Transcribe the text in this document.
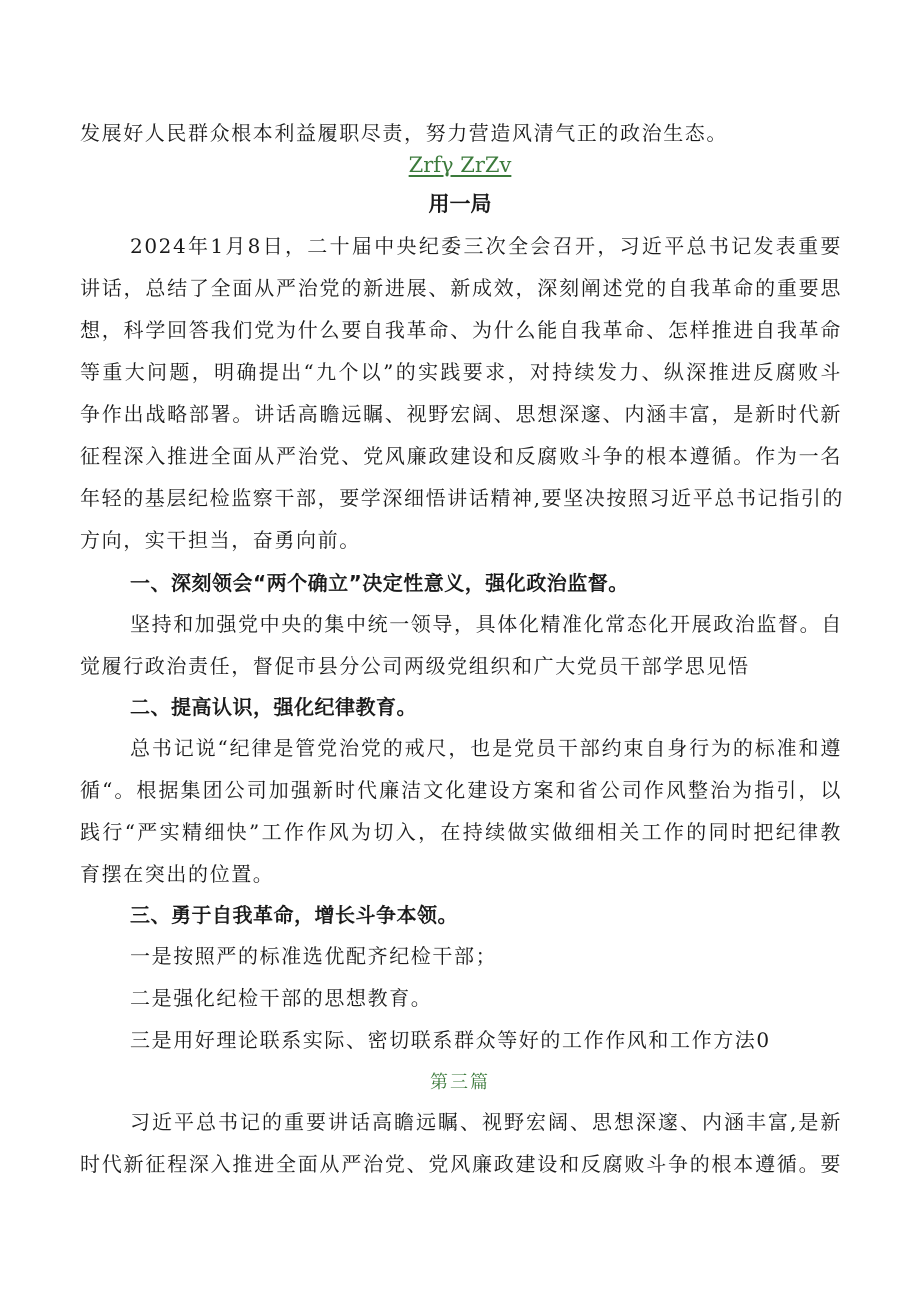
发展好人民群众根本利益履职尽责，努力营造风清气正的政治生态。
Zrfγ ZrZv
用一局
2024年1月8日，二十届中央纪委三次全会召开，习近平总书记发表重要
讲话，总结了全面从严治党的新进展、新成效，深刻阐述党的自我革命的重要思
想，科学回答我们党为什么要自我革命、为什么能自我革命、怎样推进自我革命
等重大问题，明确提出“九个以”的实践要求，对持续发力、纵深推进反腐败斗
争作出战略部署。讲话高瞻远瞩、视野宏阔、思想深邃、内涵丰富，是新时代新
征程深入推进全面从严治党、党风廉政建设和反腐败斗争的根本遵循。作为一名
年轻的基层纪检监察干部，要学深细悟讲话精神,要坚决按照习近平总书记指引的
方向，实干担当，奋勇向前。
一、深刻领会“两个确立”决定性意义，强化政治监督。
坚持和加强党中央的集中统一领导，具体化精准化常态化开展政治监督。自
觉履行政治责任，督促市县分公司两级党组织和广大党员干部学思见悟
二、提高认识，强化纪律教育。
总书记说“纪律是管党治党的戒尺，也是党员干部约束自身行为的标准和遵
循“。根据集团公司加强新时代廉洁文化建设方案和省公司作风整治为指引，以
践行“严实精细快”工作作风为切入，在持续做实做细相关工作的同时把纪律教
育摆在突出的位置。
三、勇于自我革命，增长斗争本领。
一是按照严的标准选优配齐纪检干部；
二是强化纪检干部的思想教育。
三是用好理论联系实际、密切联系群众等好的工作作风和工作方法0
第三篇
习近平总书记的重要讲话高瞻远瞩、视野宏阔、思想深邃、内涵丰富,是新
时代新征程深入推进全面从严治党、党风廉政建设和反腐败斗争的根本遵循。要
